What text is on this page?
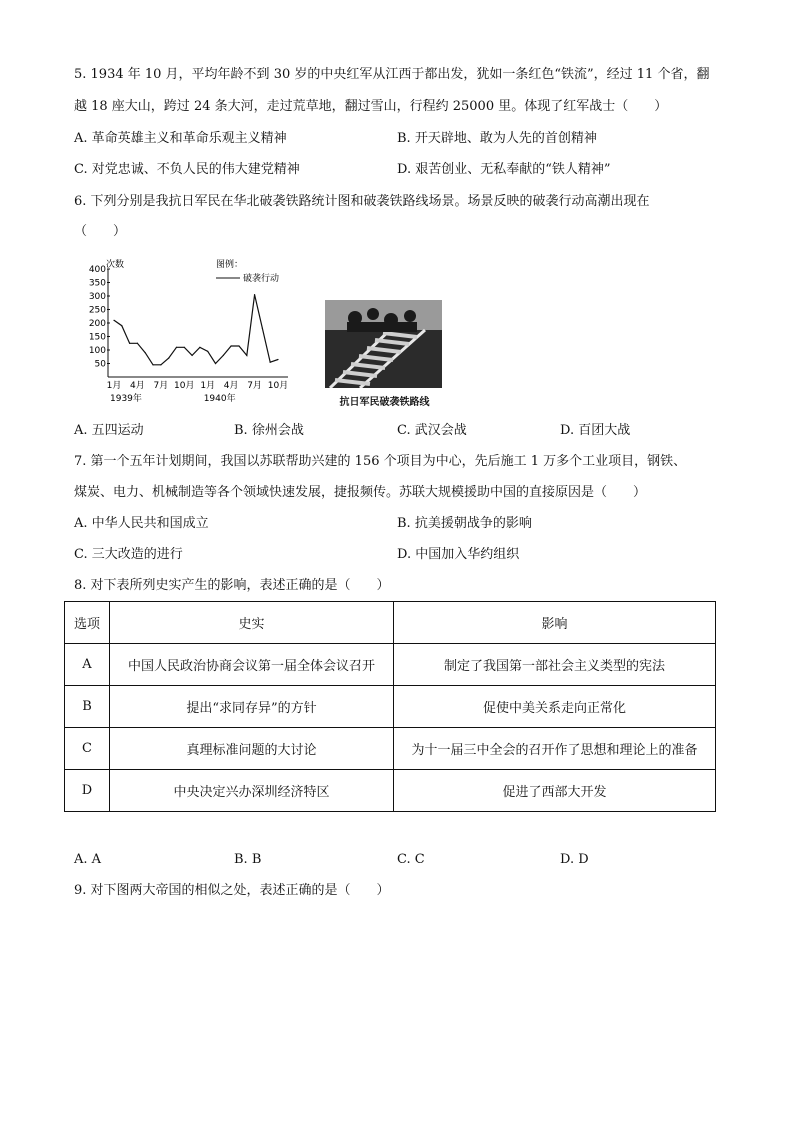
5. 1934 年 10 月，平均年龄不到 30 岁的中央红军从江西于都出发，犹如一条红色“铁流”，经过 11 个省，翻
越 18 座大山，跨过 24 条大河，走过荒草地，翻过雪山，行程约 25000 里。体现了红军战士（　　）
A. 革命英雄主义和革命乐观主义精神	B. 开天辟地、敢为人先的首创精神
C. 对党忠诚、不负人民的伟大建党精神	D. 艰苦创业、无私奉献的“铁人精神”
6. 下列分别是我抗日军民在华北破袭铁路统计图和破袭铁路线场景。场景反映的破袭行动高潮出现在
（　　）
次数	图例：
破袭行动
400
350
300
250
200
150
100
50
1月 4月 7月 10月 1月 4月 7月 10月
1939年	1940年	抗日军民破袭铁路线
A. 五四运动	B. 徐州会战	C. 武汉会战	D. 百团大战
7. 第一个五年计划期间，我国以苏联帮助兴建的 156 个项目为中心，先后施工 1 万多个工业项目，钢铁、
煤炭、电力、机械制造等各个领域快速发展，捷报频传。苏联大规模援助中国的直接原因是（　　）
A. 中华人民共和国成立	B. 抗美援朝战争的影响
C. 三大改造的进行	D. 中国加入华约组织
8. 对下表所列史实产生的影响，表述正确的是（　　）
选项	史实	影响
A	中国人民政治协商会议第一届全体会议召开	制定了我国第一部社会主义类型的宪法
B	提出“求同存异”的方针	促使中美关系走向正常化
C	真理标准问题的大讨论	为十一届三中全会的召开作了思想和理论上的准备
D	中央决定兴办深圳经济特区	促进了西部大开发
A. A	B. B	C. C	D. D
9. 对下图两大帝国的相似之处，表述正确的是（　　）
